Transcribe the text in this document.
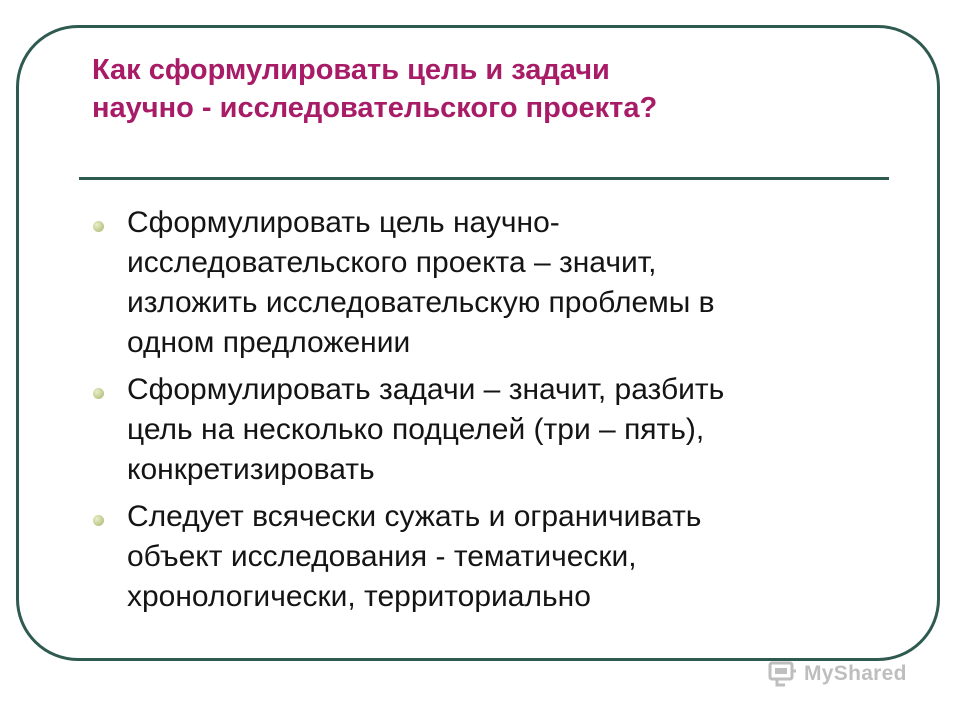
Как сформулировать цель и задачи
научно - исследовательского проекта?
Сформулировать цель научно-
исследовательского проекта – значит,
изложить исследовательскую проблемы в
одном предложении
Сформулировать задачи – значит, разбить
цель на несколько подцелей (три – пять),
конкретизировать
Следует всячески сужать и ограничивать
объект исследования - тематически,
хронологически, территориально
MyShared
